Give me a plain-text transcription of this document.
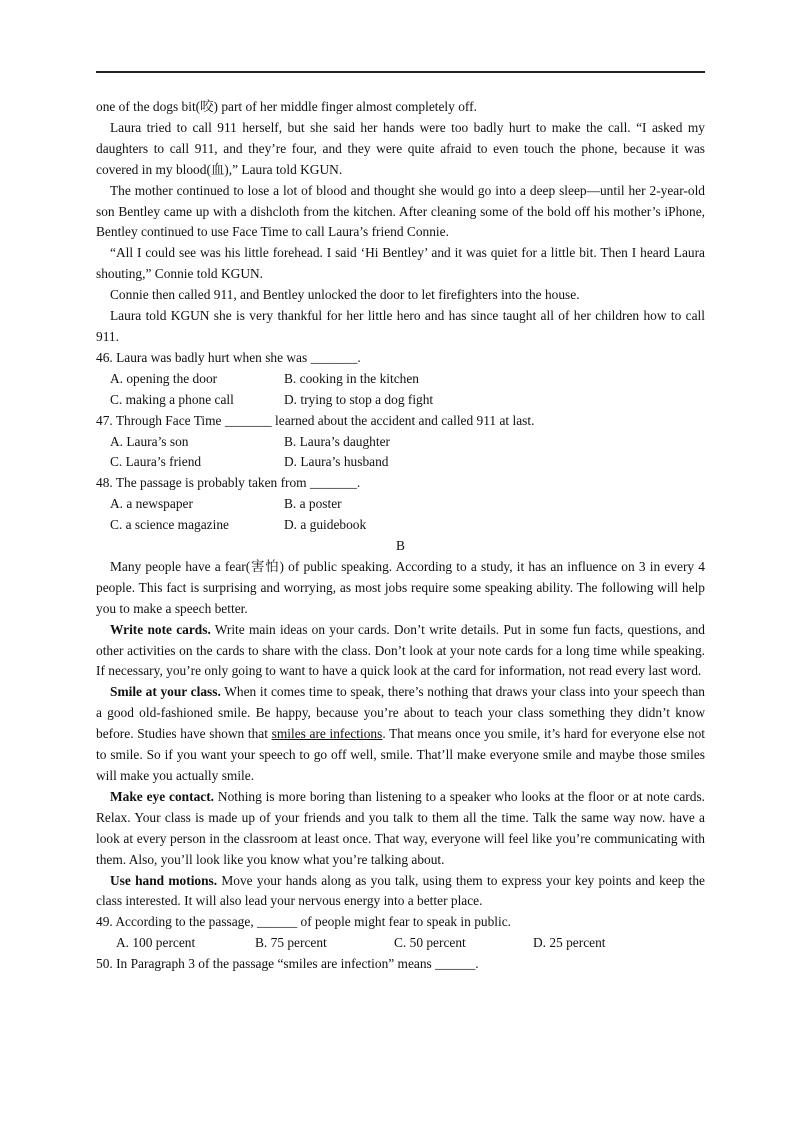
one of the dogs bit(咬) part of her middle finger almost completely off.

Laura tried to call 911 herself, but she said her hands were too badly hurt to make the call. “I asked my daughters to call 911, and they’re four, and they were quite afraid to even touch the phone, because it was covered in my blood(血),” Laura told KGUN.

The mother continued to lose a lot of blood and thought she would go into a deep sleep—until her 2-year-old son Bentley came up with a dishcloth from the kitchen. After cleaning some of the bold off his mother’s iPhone, Bentley continued to use Face Time to call Laura’s friend Connie.

“All I could see was his little forehead. I said ‘Hi Bentley’ and it was quiet for a little bit. Then I heard Laura shouting,” Connie told KGUN.

Connie then called 911, and Bentley unlocked the door to let firefighters into the house.

Laura told KGUN she is very thankful for her little hero and has since taught all of her children how to call 911.

46. Laura was badly hurt when she was _______.

A. opening the door	B. cooking in the kitchen
C. making a phone call	D. trying to stop a dog fight

47. Through Face Time _______ learned about the accident and called 911 at last.

A. Laura’s son	B. Laura’s daughter
C. Laura’s friend	D. Laura’s husband

48. The passage is probably taken from _______.

A. a newspaper	B. a poster
C. a science magazine	D. a guidebook

B

Many people have a fear(害怕) of public speaking. According to a study, it has an influence on 3 in every 4 people. This fact is surprising and worrying, as most jobs require some speaking ability. The following will help you to make a speech better.

Write note cards. Write main ideas on your cards. Don’t write details. Put in some fun facts, questions, and other activities on the cards to share with the class. Don’t look at your note cards for a long time while speaking. If necessary, you’re only going to want to have a quick look at the card for information, not read every last word.

Smile at your class. When it comes time to speak, there’s nothing that draws your class into your speech than a good old-fashioned smile. Be happy, because you’re about to teach your class something they didn’t know before. Studies have shown that smiles are infections. That means once you smile, it’s hard for everyone else not to smile. So if you want your speech to go off well, smile. That’ll make everyone smile and maybe those smiles will make you actually smile.

Make eye contact. Nothing is more boring than listening to a speaker who looks at the floor or at note cards. Relax. Your class is made up of your friends and you talk to them all the time. Talk the same way now. have a look at every person in the classroom at least once. That way, everyone will feel like you’re communicating with them. Also, you’ll look like you know what you’re talking about.

Use hand motions. Move your hands along as you talk, using them to express your key points and keep the class interested. It will also lead your nervous energy into a better place.

49. According to the passage, ______ of people might fear to speak in public.

A. 100 percent	B. 75 percent	C. 50 percent	D. 25 percent

50. In Paragraph 3 of the passage “smiles are infection” means ______.
